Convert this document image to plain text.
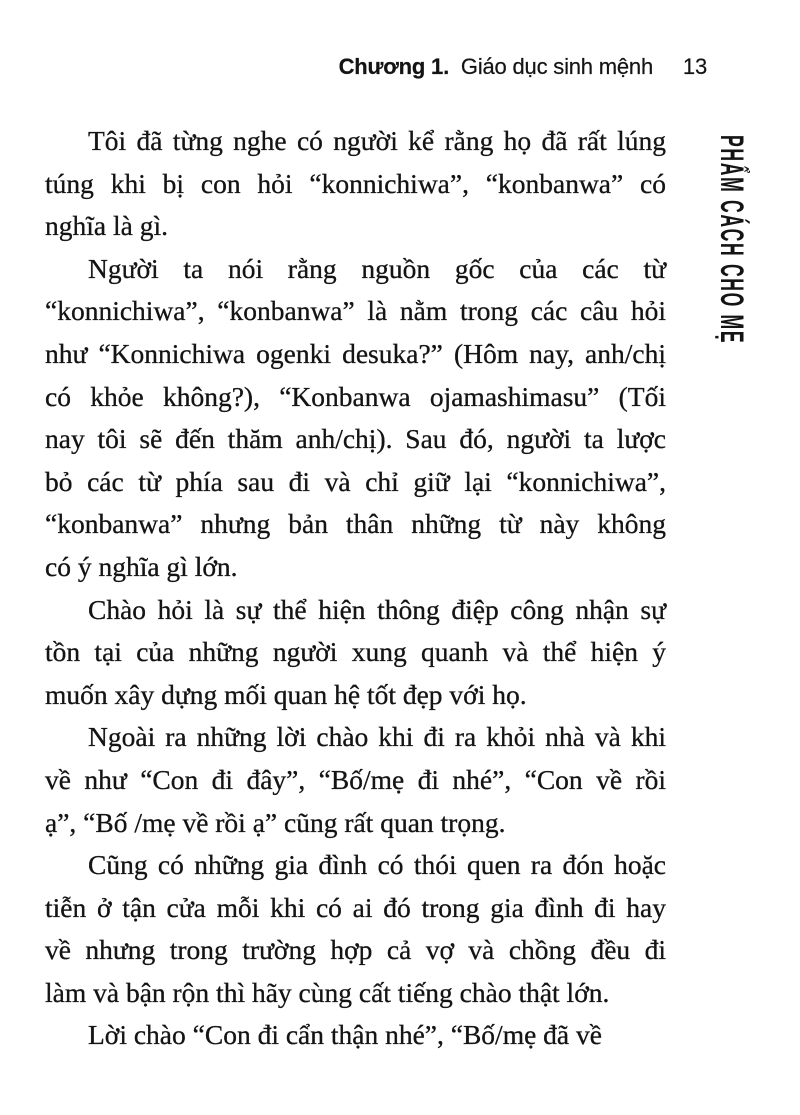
Chương 1. Giáo dục sinh mệnh 13
PHẨM CÁCH CHO MẸ
Tôi đã từng nghe có người kể rằng họ đã rất lúng
túng khi bị con hỏi “konnichiwa”, “konbanwa” có
nghĩa là gì.
Người ta nói rằng nguồn gốc của các từ
“konnichiwa”, “konbanwa” là nằm trong các câu hỏi
như “Konnichiwa ogenki desuka?” (Hôm nay, anh/chị
có khỏe không?), “Konbanwa ojamashimasu” (Tối
nay tôi sẽ đến thăm anh/chị). Sau đó, người ta lược
bỏ các từ phía sau đi và chỉ giữ lại “konnichiwa”,
“konbanwa” nhưng bản thân những từ này không
có ý nghĩa gì lớn.
Chào hỏi là sự thể hiện thông điệp công nhận sự
tồn tại của những người xung quanh và thể hiện ý
muốn xây dựng mối quan hệ tốt đẹp với họ.
Ngoài ra những lời chào khi đi ra khỏi nhà và khi
về như “Con đi đây”, “Bố/mẹ đi nhé”, “Con về rồi
ạ”, “Bố /mẹ về rồi ạ” cũng rất quan trọng.
Cũng có những gia đình có thói quen ra đón hoặc
tiễn ở tận cửa mỗi khi có ai đó trong gia đình đi hay
về nhưng trong trường hợp cả vợ và chồng đều đi
làm và bận rộn thì hãy cùng cất tiếng chào thật lớn.
Lời chào “Con đi cẩn thận nhé”, “Bố/mẹ đã về
